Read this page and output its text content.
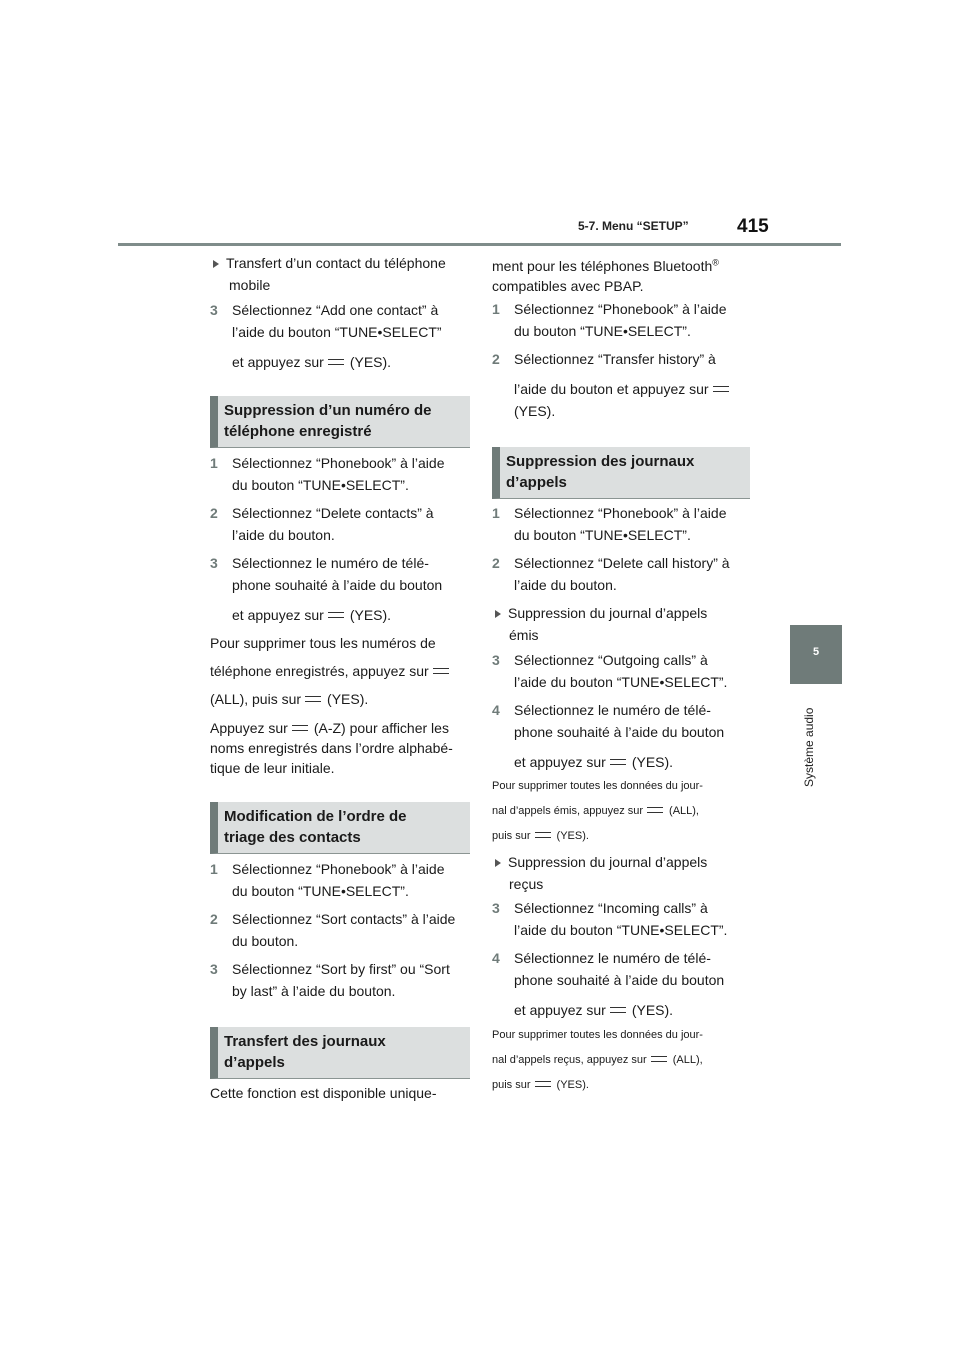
5-7. Menu “SETUP”	415
5
Système audio
Transfert d’un contact du téléphone
mobile
3 Sélectionnez “Add one contact” à
l’aide du bouton “TUNE•SELECT”
et appuyez sur (YES).
Suppression d’un numéro de
téléphone enregistré
1 Sélectionnez “Phonebook” à l’aide
du bouton “TUNE•SELECT”.
2 Sélectionnez “Delete contacts” à
l’aide du bouton.
3 Sélectionnez le numéro de télé-
phone souhaité à l’aide du bouton
et appuyez sur (YES).
Pour supprimer tous les numéros de
téléphone enregistrés, appuyez sur
(ALL), puis sur (YES).
Appuyez sur (A-Z) pour afficher les
noms enregistrés dans l’ordre alphabé-
tique de leur initiale.
Modification de l’ordre de
triage des contacts
1 Sélectionnez “Phonebook” à l’aide
du bouton “TUNE•SELECT”.
2 Sélectionnez “Sort contacts” à l’aide
du bouton.
3 Sélectionnez “Sort by first” ou “Sort
by last” à l’aide du bouton.
Transfert des journaux
d’appels
Cette fonction est disponible unique-
ment pour les téléphones Bluetooth®
compatibles avec PBAP.
1 Sélectionnez “Phonebook” à l’aide
du bouton “TUNE•SELECT”.
2 Sélectionnez “Transfer history” à
l’aide du bouton et appuyez sur
(YES).
Suppression des journaux
d’appels
1 Sélectionnez “Phonebook” à l’aide
du bouton “TUNE•SELECT”.
2 Sélectionnez “Delete call history” à
l’aide du bouton.
Suppression du journal d’appels
émis
3 Sélectionnez “Outgoing calls” à
l’aide du bouton “TUNE•SELECT”.
4 Sélectionnez le numéro de télé-
phone souhaité à l’aide du bouton
et appuyez sur (YES).
Pour supprimer toutes les données du jour-
nal d’appels émis, appuyez sur (ALL),
puis sur (YES).
Suppression du journal d’appels
reçus
3 Sélectionnez “Incoming calls” à
l’aide du bouton “TUNE•SELECT”.
4 Sélectionnez le numéro de télé-
phone souhaité à l’aide du bouton
et appuyez sur (YES).
Pour supprimer toutes les données du jour-
nal d’appels reçus, appuyez sur (ALL),
puis sur (YES).
